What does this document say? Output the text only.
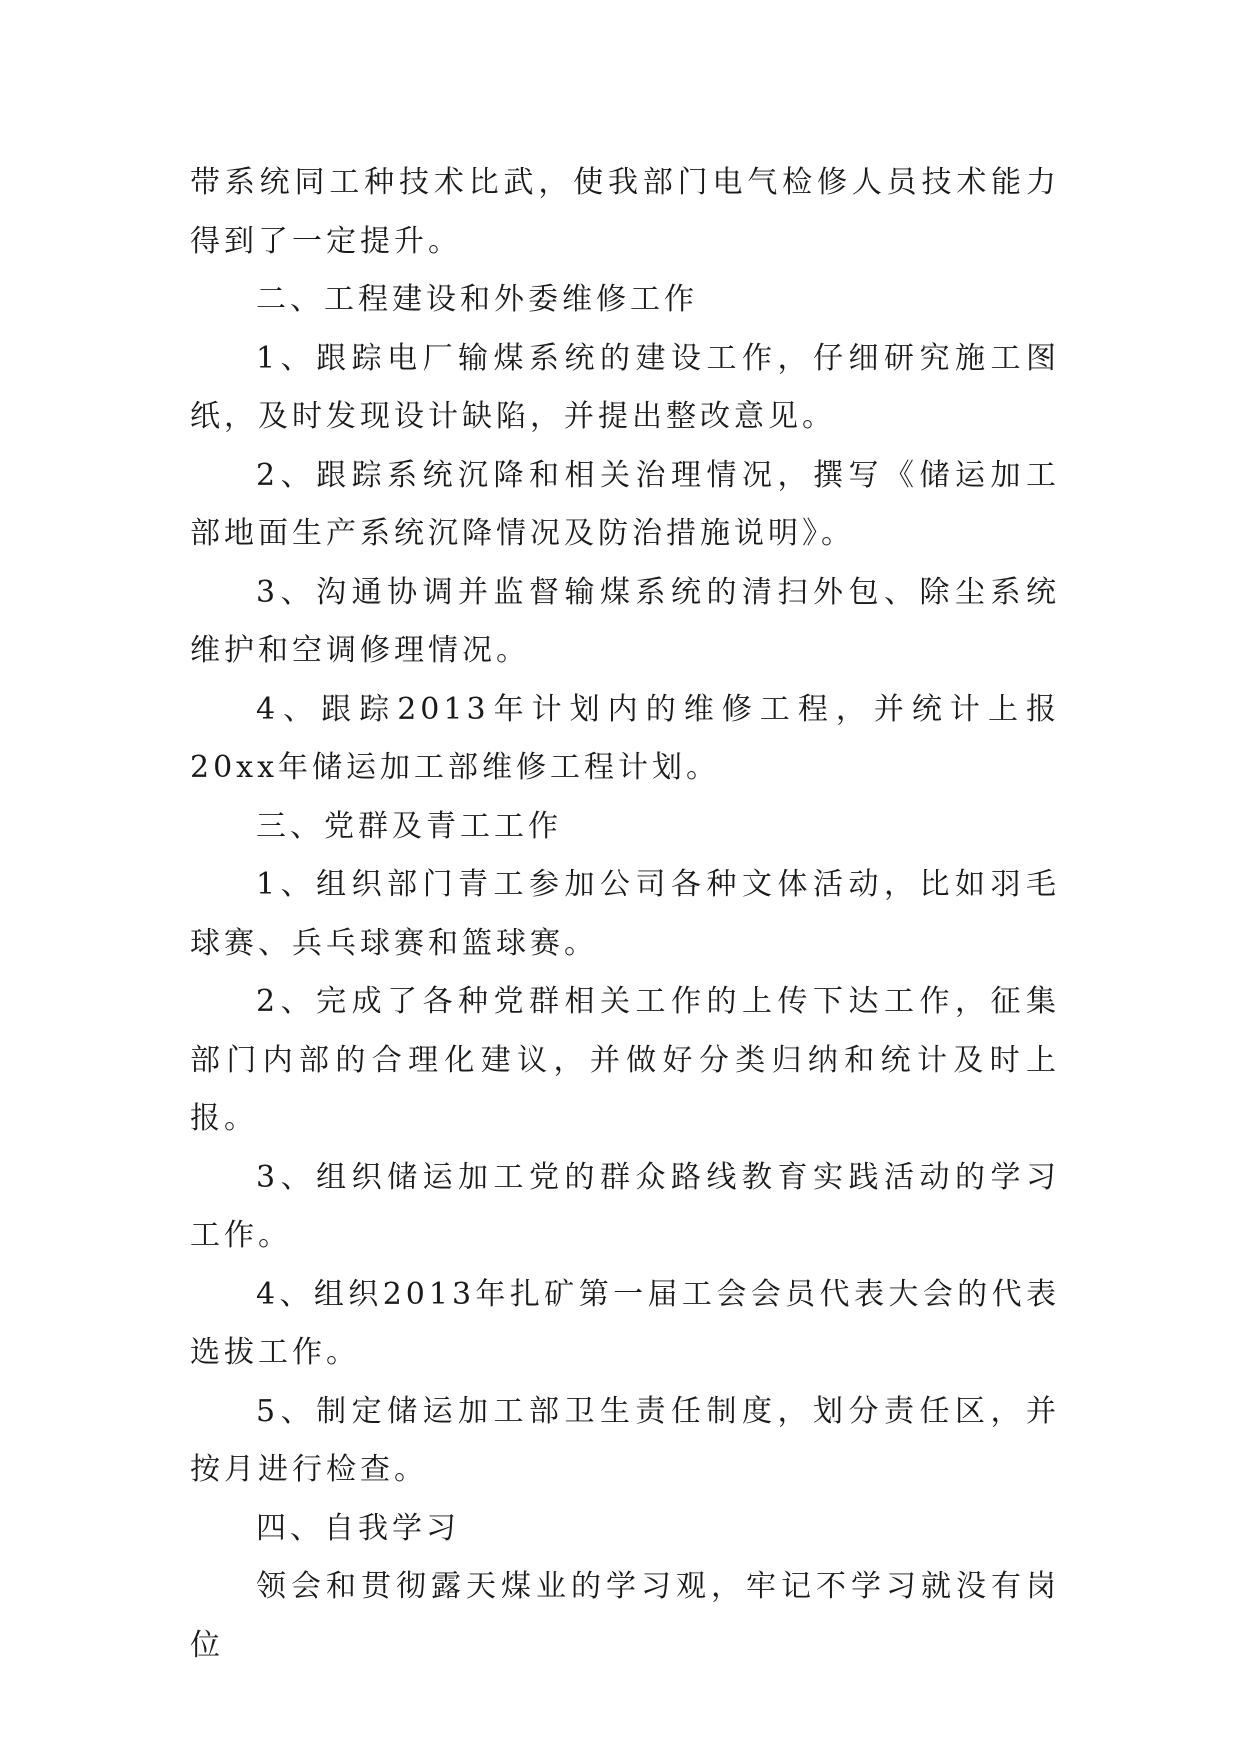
带系统同工种技术比武，使我部门电气检修人员技术能力得到了一定提升。

二、工程建设和外委维修工作

1、跟踪电厂输煤系统的建设工作，仔细研究施工图纸，及时发现设计缺陷，并提出整改意见。

2、跟踪系统沉降和相关治理情况，撰写《储运加工部地面生产系统沉降情况及防治措施说明》。

3、沟通协调并监督输煤系统的清扫外包、除尘系统维护和空调修理情况。

4、跟踪2013年计划内的维修工程，并统计上报20xx年储运加工部维修工程计划。

三、党群及青工工作

1、组织部门青工参加公司各种文体活动，比如羽毛球赛、兵乓球赛和篮球赛。

2、完成了各种党群相关工作的上传下达工作，征集部门内部的合理化建议，并做好分类归纳和统计及时上报。

3、组织储运加工党的群众路线教育实践活动的学习工作。

4、组织2013年扎矿第一届工会会员代表大会的代表选拔工作。

5、制定储运加工部卫生责任制度，划分责任区，并按月进行检查。

四、自我学习

领会和贯彻露天煤业的学习观，牢记不学习就没有岗位
